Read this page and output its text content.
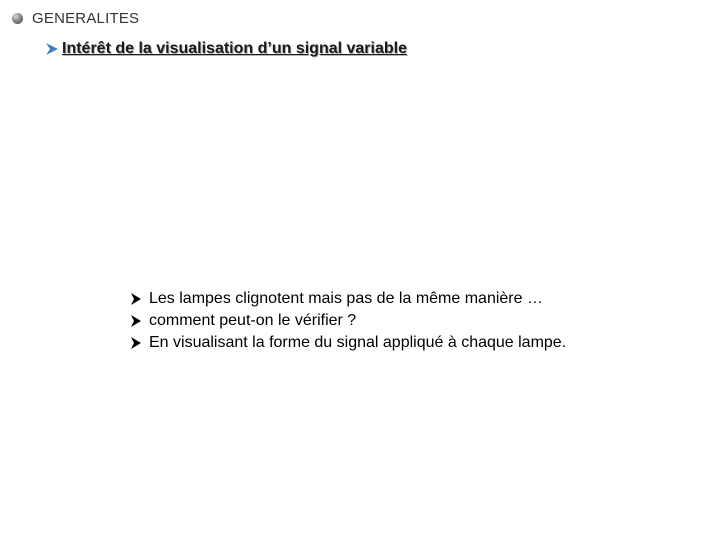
GENERALITES
Intérêt de la visualisation d’un signal variable
Les lampes clignotent mais pas de la même manière …
comment peut-on le vérifier ?
En visualisant la forme du signal appliqué à chaque lampe.
